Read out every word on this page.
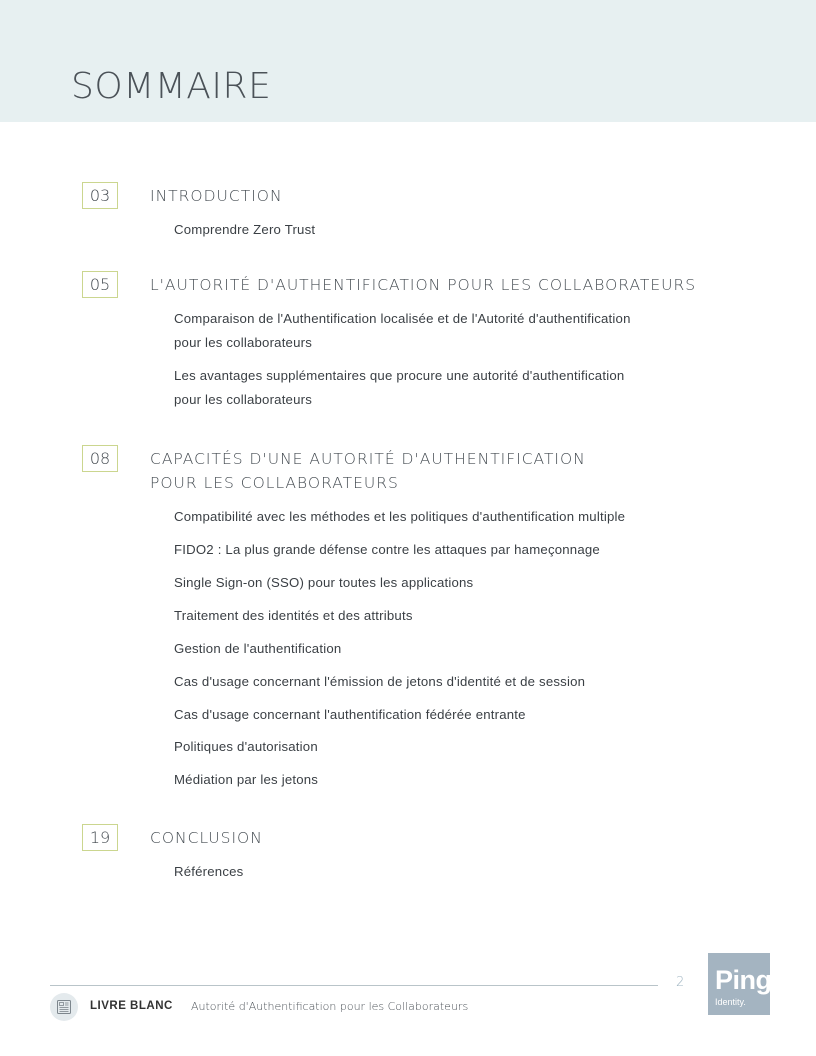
SOMMAIRE
03	INTRODUCTION
Comprendre Zero Trust
05	L'AUTORITÉ D'AUTHENTIFICATION POUR LES COLLABORATEURS
Comparaison de l'Authentification localisée et de l'Autorité d'authentification
pour les collaborateurs
Les avantages supplémentaires que procure une autorité d'authentification
pour les collaborateurs
08	CAPACITÉS D'UNE AUTORITÉ D'AUTHENTIFICATION
POUR LES COLLABORATEURS
Compatibilité avec les méthodes et les politiques d'authentification multiple
FIDO2 : La plus grande défense contre les attaques par hameçonnage
Single Sign-on (SSO) pour toutes les applications
Traitement des identités et des attributs
Gestion de l'authentification
Cas d'usage concernant l'émission de jetons d'identité et de session
Cas d'usage concernant l'authentification fédérée entrante
Politiques d'autorisation
Médiation par les jetons
19	CONCLUSION
Références
2 Ping
Identity.
LIVRE BLANC Autorité d'Authentification pour les Collaborateurs
